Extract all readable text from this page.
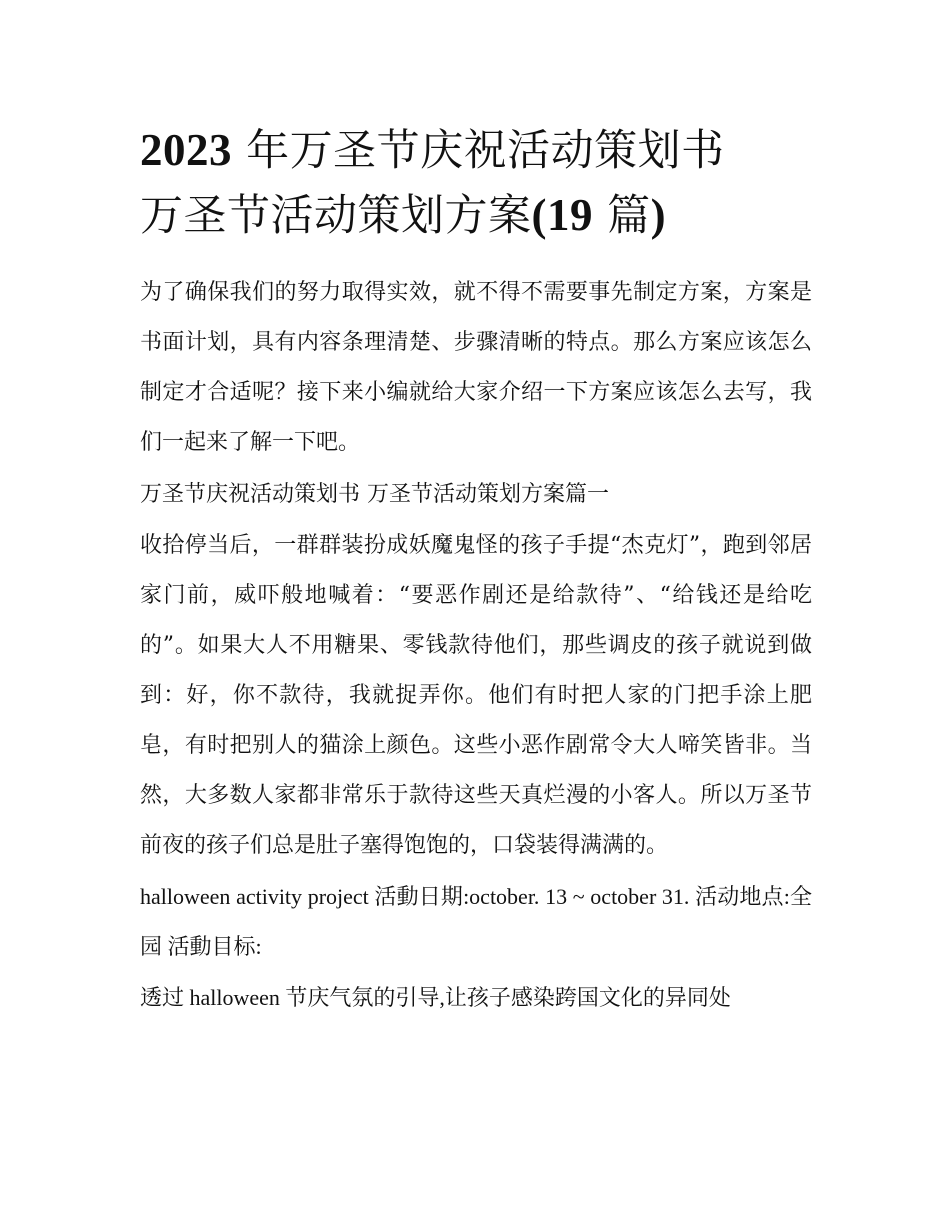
2023 年万圣节庆祝活动策划书
万圣节活动策划方案(19 篇)

为了确保我们的努力取得实效，就不得不需要事先制定方案，方案是书面计划，具有内容条理清楚、步骤清晰的特点。那么方案应该怎么制定才合适呢？接下来小编就给大家介绍一下方案应该怎么去写，我们一起来了解一下吧。

万圣节庆祝活动策划书 万圣节活动策划方案篇一

收拾停当后，一群群装扮成妖魔鬼怪的孩子手提“杰克灯”，跑到邻居家门前，威吓般地喊着：“要恶作剧还是给款待”、“给钱还是给吃的”。如果大人不用糖果、零钱款待他们，那些调皮的孩子就说到做到：好，你不款待，我就捉弄你。他们有时把人家的门把手涂上肥皂，有时把别人的猫涂上颜色。这些小恶作剧常令大人啼笑皆非。当然，大多数人家都非常乐于款待这些天真烂漫的小客人。所以万圣节前夜的孩子们总是肚子塞得饱饱的，口袋装得满满的。

halloween activity project 活動日期:october. 13 ~ october 31. 活动地点:全园 活動目标:

透过 halloween 节庆气氛的引导,让孩子感染跨国文化的异同处
